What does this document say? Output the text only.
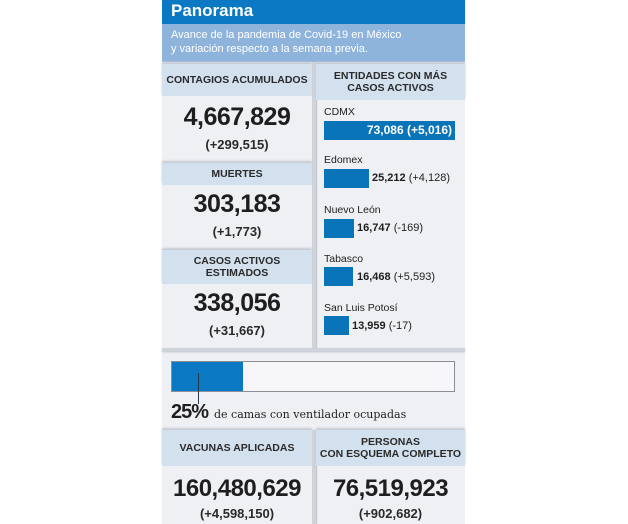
Panorama
Avance de la pandemia de Covid-19 en México
y variación respecto a la semana previa.
CONTAGIOS ACUMULADOS
4,667,829
(+299,515)
MUERTES
303,183
(+1,773)
CASOS ACTIVOS
ESTIMADOS
338,056
(+31,667)
ENTIDADES CON MÁS
CASOS ACTIVOS
CDMX
73,086 (+5,016)
Edomex
25,212 (+4,128)
Nuevo León
16,747 (-169)
Tabasco
16,468 (+5,593)
San Luis Potosí
13,959 (-17)
25% de camas con ventilador ocupadas
VACUNAS APLICADAS	PERSONAS
CON ESQUEMA COMPLETO
160,480,629
(+4,598,150)
76,519,923
(+902,682)
